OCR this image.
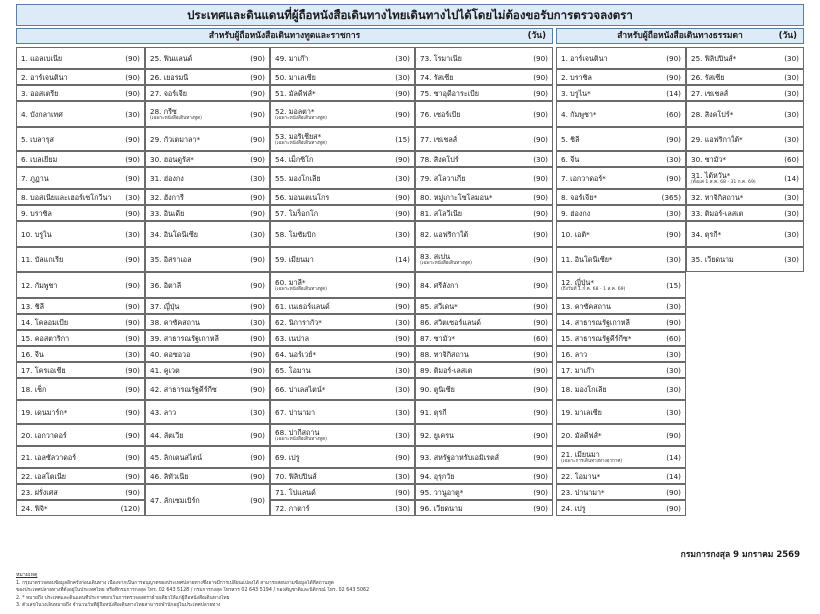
ประเทศและดินแดนที่ผู้ถือหนังสือเดินทางไทยเดินทางไปได้โดยไม่ต้องขอรับการตรวจลงตรา
สำหรับผู้ถือหนังสือเดินทางทูตและราชการ	(วัน)	สำหรับผู้ถือหนังสือเดินทางธรรมดา	(วัน)
1. แอลเบเนีย	(90)
2. อาร์เจนตินา	(90)
3. ออสเตรีย	(90)
4. บังกลาเทศ	(30)
5. เบลารุส	(90)
6. เบลเยียม	(90)
7. ภูฏาน	(90)
8. บอสเนียและเฮอร์เซโกวีนา (30)
9. บราซิล	(90)
10. บรูไน	(30)
11. บัลแกเรีย	(90)
12. กัมพูชา	(90)
13. ชิลี	(90)
14. โคลอมเบีย	(90)
15. คอสตาริกา	(90)
16. จีน	(30)
17. โครเอเชีย	(90)
18. เช็ก	(90)
19. เดนมาร์ก*	(90)
20. เอกวาดอร์	(90)
21. เอลซัลวาดอร์	(90)
22. เอสโตเนีย	(90)
23. ฝรั่งเศส	(90)
24. ฟิจิ*	(120)
25. ฟินแลนด์	(90)
26. เยอรมนี	(90)
27. จอร์เจีย	(90)
28. กรีซ
(เฉพาะหนังสือเดินทางทูต)	(90)
29. กัวเตมาลา*	(90)
30. ฮอนดูรัส*	(90)
31. ฮ่องกง	(30)
32. ฮังการี	(90)
33. อินเดีย	(90)
34. อินโดนีเซีย	(30)
35. อิสราเอล	(90)
36. อิตาลี	(90)
37. ญี่ปุ่น	(90)
38. คาซัคสถาน	(30)
39. สาธารณรัฐเกาหลี	(90)
40. คอซอวอ	(90)
41. คูเวต	(90)
42. สาธารณรัฐคีร์กีซ	(90)
43. ลาว	(30)
44. ลัตเวีย	(90)
45. ลิกเตนสไตน์	(90)
46. ลิทัวเนีย	(90)
47. ลักเซมเบิร์ก	(90)
49. มาเก๊า	(30)
50. มาเลเซีย	(30)
51. มัลดีฟส์*	(90)
52. มอลตา*
(เฉพาะหนังสือเดินทางทูต)	(90)
53. มอริเชียส*
(เฉพาะหนังสือเดินทางทูต)	(15)
54. เม็กซิโก	(90)
55. มองโกเลีย	(30)
56. มอนเตเนโกร	(90)
57. โมร็อกโก	(90)
58. โมซัมบิก	(30)
59. เมียนมา	(14)
60. มาลี*
(เฉพาะหนังสือเดินทางทูต)	(90)
61. เนเธอร์แลนด์	(90)
62. นิการากัว*	(30)
63. เนปาล	(90)
64. นอร์เวย์*	(90)
65. โอมาน	(30)
66. ปาเลสไตน์*	(30)
67. ปานามา	(30)
68. ปากีสถาน
(เฉพาะหนังสือเดินทางทูต)	(30)
69. เปรู	(90)
70. ฟิลิปปินส์	(30)
71. โปแลนด์	(90)
72. กาตาร์	(30)
73. โรมาเนีย	(90)
74. รัสเซีย	(90)
75. ซาอุดีอาระเบีย	(90)
76. เซอร์เบีย	(90)
77. เซเชลส์	(90)
78. สิงคโปร์	(30)
79. สโลวาเกีย	(90)
80. หมู่เกาะโซโลมอน*	(90)
81. สโลวีเนีย	(90)
82. แอฟริกาใต้	(90)
83. สเปน
(เฉพาะหนังสือเดินทางทูต)	(90)
84. ศรีลังกา	(90)
85. สวีเดน*	(90)
86. สวิตเซอร์แลนด์	(90)
87. ซามัว*	(60)
88. ทาจิกิสถาน	(90)
89. ติมอร์-เลสเต	(90)
90. ตูนิเซีย	(90)
91. ตุรกี	(90)
92. ยูเครน	(90)
93. สหรัฐอาหรับเอมิเรตส์	(90)
94. อุรุกวัย	(90)
95. วานูอาตู*	(90)
96. เวียดนาม	(90)
1. อาร์เจนตินา	(90)
2. บราซิล	(90)
3. บรูไน*	(14)
4. กัมพูชา*	(60)
5. ชิลี	(90)
6. จีน	(30)
7. เอกวาดอร์*	(90)
8. จอร์เจีย*	(365)
9. ฮ่องกง	(30)
10. เอติ*	(90)
11. อินโดนีเซีย*	(30)
12. ญี่ปุ่น*
(ถึงวันที่ 1 ก.ค. 68 - 1 ส.ค. 69)	(15)
13. คาซัคสถาน	(30)
14. สาธารณรัฐเกาหลี	(90)
15. สาธารณรัฐคีร์กีซ*	(60)
16. ลาว	(30)
17. มาเก๊า	(30)
18. มองโกเลีย	(30)
19. มาเลเซีย	(30)
20. มัลดีฟส์*	(90)
21. เมียนมา
(เฉพาะการเดินทางทางอากาศ)	(14)
22. โอมาน*	(14)
23. ปานามา*	(90)
24. เปรู	(90)
25. ฟิลิปปินส์*	(30)
26. รัสเซีย	(30)
27. เซเชลส์	(30)
28. สิงคโปร์*	(30)
29. แอฟริกาใต้*	(30)
30. ซามัว*	(60)
31. ไต้หวัน*
(ตั้งแต่ 1 ส.ค. 68 - 31 ก.ค. 69)	(14)
32. ทาจิกิสถาน*	(30)
33. ติมอร์-เลสเต	(30)
34. ตุรกี*	(30)
35. เวียดนาม	(30)
กรมการกงสุล 9 มกราคม 2569
หมายเหตุ
1. กรุณาตรวจสอบข้อมูลอีกครั้งก่อนเดินทาง เนื่องจากเป็นการอนุญาตของประเทศปลายทางซึ่งอาจมีการเปลี่ยนแปลงได้ สามารถสอบถามข้อมูลได้ที่สถานทูต
ของประเทศปลายทางที่ตั้งอยู่ในประเทศไทย หรือที่กรมการกงสุล โทร. 02 643 5128 / กรมการกงสุล โทรสาร 02 643 5194 / กองสัญชาติและนิติกรณ์ โทร. 02 643 5062
2. * หมายถึง ประเทศและดินแดนที่ประกาศยกเว้นการตรวจลงตราฝ่ายเดียวให้แก่ผู้ถือหนังสือเดินทางไทย
3. ตัวเลขในวงเล็บหมายถึง จำนวนวันที่ผู้ถือหนังสือเดินทางไทยสามารถพำนักอยู่ในประเทศปลายทาง
